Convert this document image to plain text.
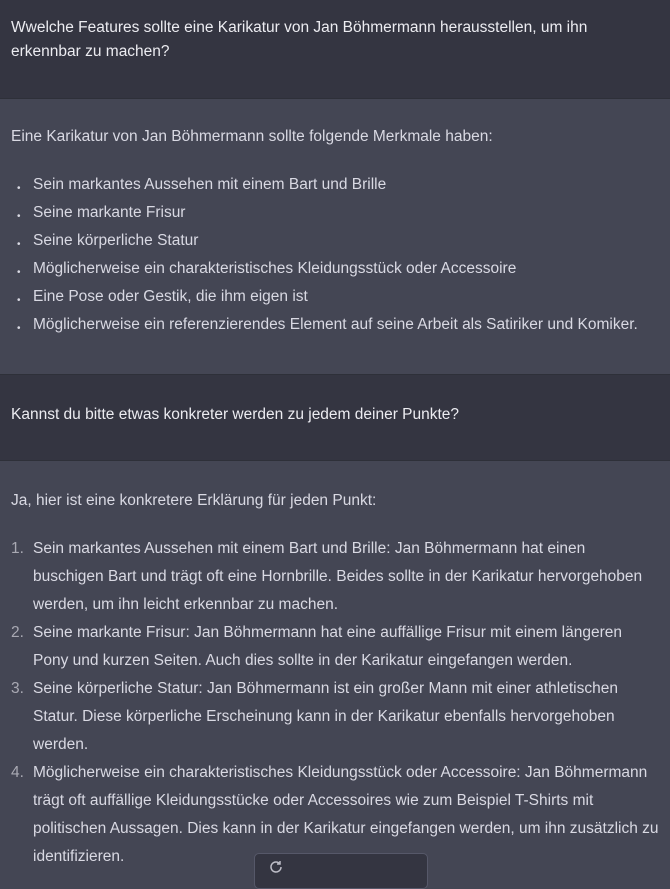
Wwelche Features sollte eine Karikatur von Jan Böhmermann herausstellen, um ihn erkennbar zu machen?

Eine Karikatur von Jan Böhmermann sollte folgende Merkmale haben:

• Sein markantes Aussehen mit einem Bart und Brille
• Seine markante Frisur
• Seine körperliche Statur
• Möglicherweise ein charakteristisches Kleidungsstück oder Accessoire
• Eine Pose oder Gestik, die ihm eigen ist
• Möglicherweise ein referenzierendes Element auf seine Arbeit als Satiriker und Komiker.

Kannst du bitte etwas konkreter werden zu jedem deiner Punkte?

Ja, hier ist eine konkretere Erklärung für jeden Punkt:

1. Sein markantes Aussehen mit einem Bart und Brille: Jan Böhmermann hat einen buschigen Bart und trägt oft eine Hornbrille. Beides sollte in der Karikatur hervorgehoben werden, um ihn leicht erkennbar zu machen.
2. Seine markante Frisur: Jan Böhmermann hat eine auffällige Frisur mit einem längeren Pony und kurzen Seiten. Auch dies sollte in der Karikatur eingefangen werden.
3. Seine körperliche Statur: Jan Böhmermann ist ein großer Mann mit einer athletischen Statur. Diese körperliche Erscheinung kann in der Karikatur ebenfalls hervorgehoben werden.
4. Möglicherweise ein charakteristisches Kleidungsstück oder Accessoire: Jan Böhmermann trägt oft auffällige Kleidungsstücke oder Accessoires wie zum Beispiel T-Shirts mit politischen Aussagen. Dies kann in der Karikatur eingefangen werden, um ihn zusätzlich zu identifizieren.
